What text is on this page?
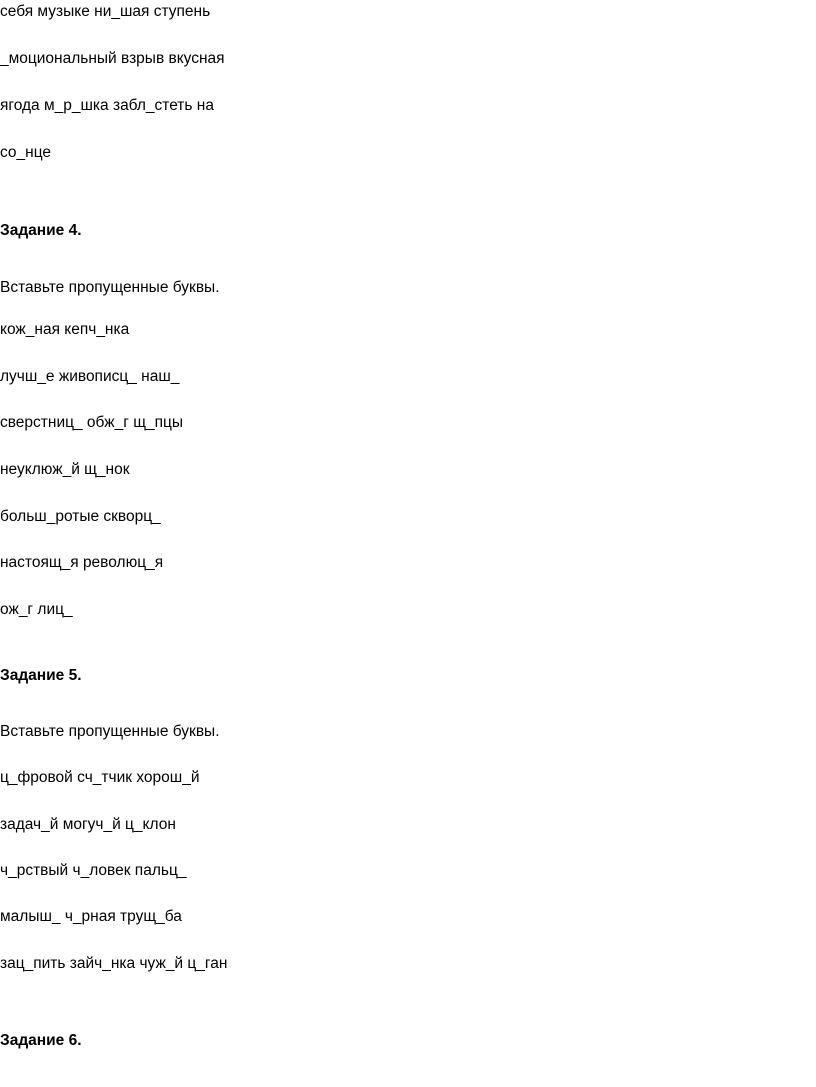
себя музыке ни_шая ступень
_моциональный взрыв вкусная
ягода м_р_шка забл_стеть на
со_нце
Задание 4.
Вставьте пропущенные буквы.
кож_ная кепч_нка
лучш_е живописц_ наш_
сверстниц_ обж_г щ_пцы
неуклюж_й щ_нок
больш_ротые скворц_
настоящ_я революц_я
ож_г лиц_
Задание 5.
Вставьте пропущенные буквы.
ц_фровой сч_тчик хорош_й
задач_й могуч_й ц_клон
ч_рствый ч_ловек пальц_
малыш_ ч_рная трущ_ба
зац_пить зайч_нка чуж_й ц_ган
Задание 6.
